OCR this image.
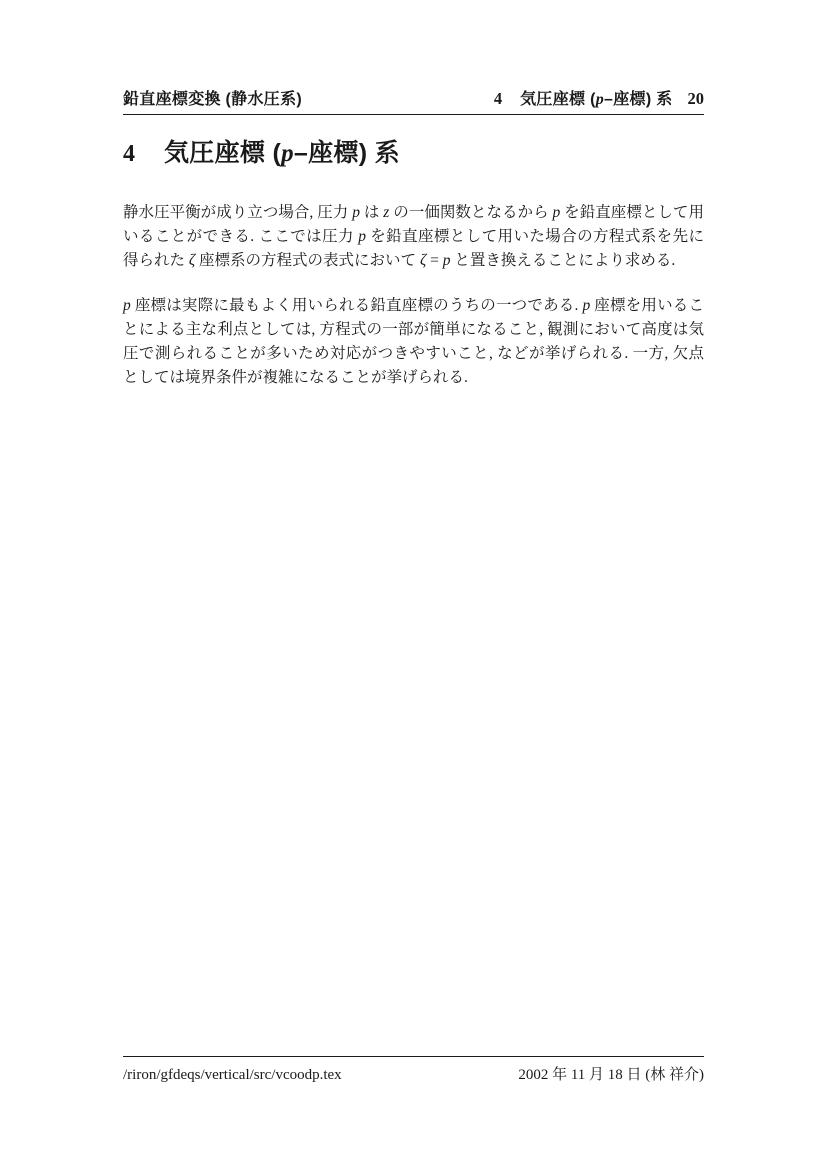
鉛直座標変換 (静水圧系)	4 気圧座標 (p–座標) 系 20
4 気圧座標 (p–座標) 系

静水圧平衡が成り立つ場合, 圧力 p は z の一価関数となるから p を鉛直座標として用いることができる. ここでは圧力 p を鉛直座標として用いた場合の方程式系を先に得られた ζ 座標系の方程式の表式において ζ = p と置き換えることにより求める.

p 座標は実際に最もよく用いられる鉛直座標のうちの一つである. p 座標を用いることによる主な利点としては, 方程式の一部が簡単になること, 観測において高度は気圧で測られることが多いため対応がつきやすいこと, などが挙げられる. 一方, 欠点としては境界条件が複雑になることが挙げられる.

/riron/gfdeqs/vertical/src/vcoodp.tex	2002 年 11 月 18 日 (林 祥介)
